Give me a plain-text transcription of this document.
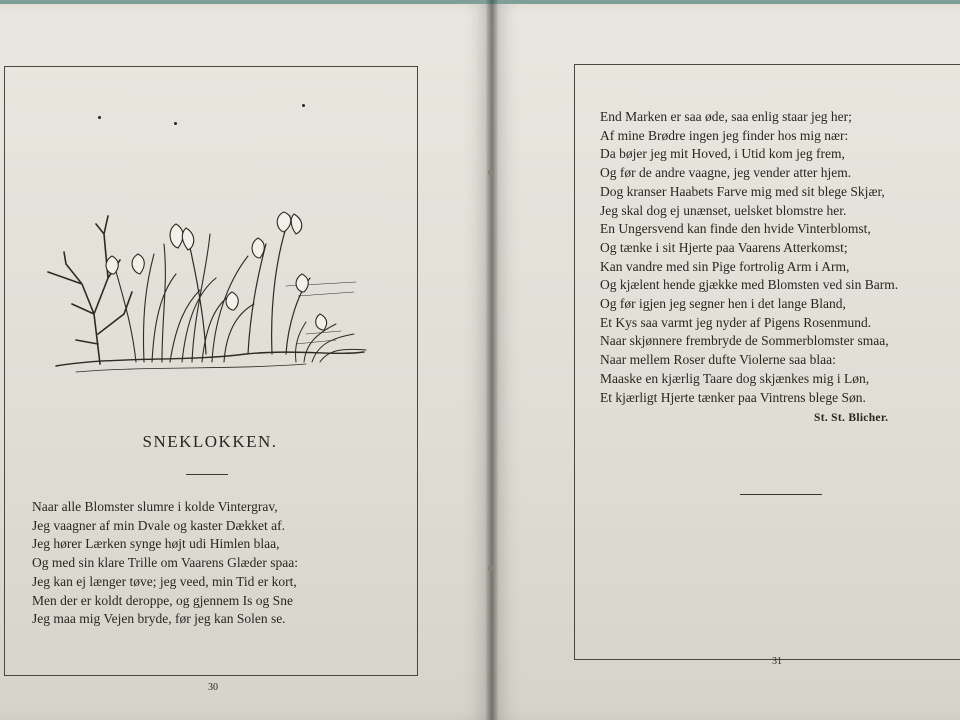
SNEKLOKKEN.
Naar alle Blomster slumre i kolde Vintergrav,
Jeg vaagner af min Dvale og kaster Dækket af.
Jeg hører Lærken synge højt udi Himlen blaa,
Og med sin klare Trille om Vaarens Glæder spaa:
Jeg kan ej længer tøve; jeg veed, min Tid er kort,
Men der er koldt deroppe, og gjennem Is og Sne
Jeg maa mig Vejen bryde, før jeg kan Solen se.
30
End Marken er saa øde, saa enlig staar jeg her;
Af mine Brødre ingen jeg finder hos mig nær:
Da bøjer jeg mit Hoved, i Utid kom jeg frem,
Og før de andre vaagne, jeg vender atter hjem.
Dog kranser Haabets Farve mig med sit blege Skjær,
Jeg skal dog ej unænset, uelsket blomstre her.
En Ungersvend kan finde den hvide Vinterblomst,
Og tænke i sit Hjerte paa Vaarens Atterkomst;
Kan vandre med sin Pige fortrolig Arm i Arm,
Og kjælent hende gjække med Blomsten ved sin Barm.
Og før igjen jeg segner hen i det lange Bland,
Et Kys saa varmt jeg nyder af Pigens Rosenmund.
Naar skjønnere frembryde de Sommerblomster smaa,
Naar mellem Roser dufte Violerne saa blaa:
Maaske en kjærlig Taare dog skjænkes mig i Løn,
Et kjærligt Hjerte tænker paa Vintrens blege Søn.
St. St. Blicher.
31
